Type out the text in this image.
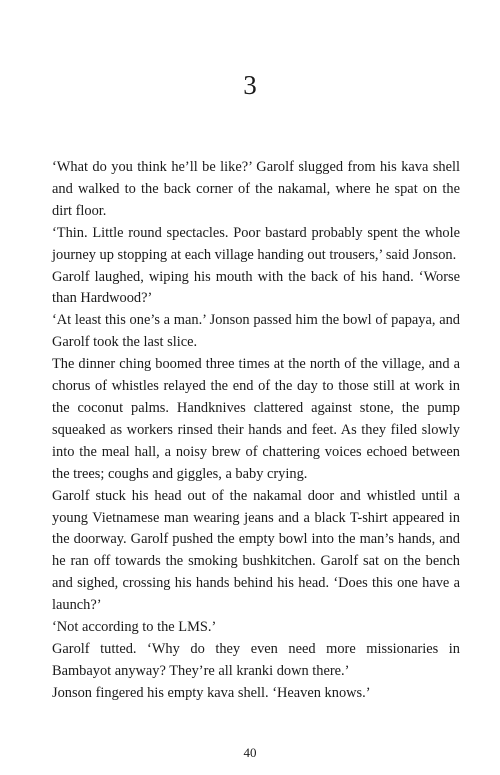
3

‘What do you think he’ll be like?’ Garolf slugged from his kava shell and walked to the back corner of the nakamal, where he spat on the dirt floor.

‘Thin. Little round spectacles. Poor bastard probably spent the whole journey up stopping at each village handing out trousers,’ said Jonson.

Garolf laughed, wiping his mouth with the back of his hand. ‘Worse than Hardwood?’

‘At least this one’s a man.’ Jonson passed him the bowl of papaya, and Garolf took the last slice.

The dinner ching boomed three times at the north of the village, and a chorus of whistles relayed the end of the day to those still at work in the coconut palms. Handknives clattered against stone, the pump squeaked as workers rinsed their hands and feet. As they filed slowly into the meal hall, a noisy brew of chattering voices echoed between the trees; coughs and giggles, a baby crying.

Garolf stuck his head out of the nakamal door and whistled until a young Vietnamese man wearing jeans and a black T-shirt appeared in the doorway. Garolf pushed the empty bowl into the man’s hands, and he ran off towards the smoking bushkitchen. Garolf sat on the bench and sighed, crossing his hands behind his head. ‘Does this one have a launch?’

‘Not according to the LMS.’

Garolf tutted. ‘Why do they even need more missionaries in Bambayot anyway? They’re all kranki down there.’

Jonson fingered his empty kava shell. ‘Heaven knows.’

40
